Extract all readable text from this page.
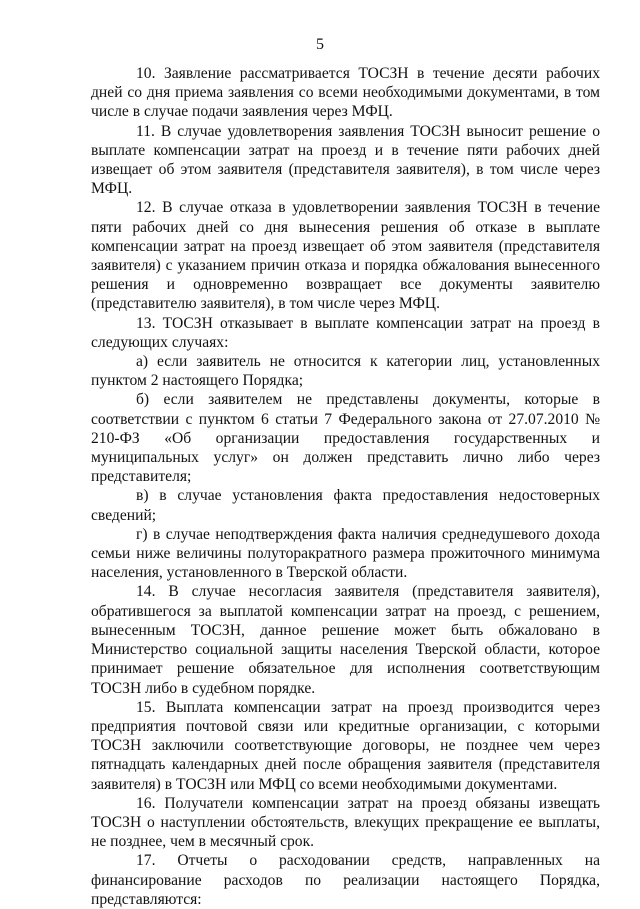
5

10. Заявление рассматривается ТОСЗН в течение десяти рабочих дней со дня приема заявления со всеми необходимыми документами, в том числе в случае подачи заявления через МФЦ.

11. В случае удовлетворения заявления ТОСЗН выносит решение о выплате компенсации затрат на проезд и в течение пяти рабочих дней извещает об этом заявителя (представителя заявителя), в том числе через МФЦ.

12. В случае отказа в удовлетворении заявления ТОСЗН в течение пяти рабочих дней со дня вынесения решения об отказе в выплате компенсации затрат на проезд извещает об этом заявителя (представителя заявителя) с указанием причин отказа и порядка обжалования вынесенного решения и одновременно возвращает все документы заявителю (представителю заявителя), в том числе через МФЦ.

13. ТОСЗН отказывает в выплате компенсации затрат на проезд в следующих случаях:

а) если заявитель не относится к категории лиц, установленных пунктом 2 настоящего Порядка;

б) если заявителем не представлены документы, которые в соответствии с пунктом 6 статьи 7 Федерального закона от 27.07.2010 № 210-ФЗ «Об организации предоставления государственных и муниципальных услуг» он должен представить лично либо через представителя;

в) в случае установления факта предоставления недостоверных сведений;

г) в случае неподтверждения факта наличия среднедушевого дохода семьи ниже величины полуторакратного размера прожиточного минимума населения, установленного в Тверской области.

14. В случае несогласия заявителя (представителя заявителя), обратившегося за выплатой компенсации затрат на проезд, с решением, вынесенным ТОСЗН, данное решение может быть обжаловано в Министерство социальной защиты населения Тверской области, которое принимает решение обязательное для исполнения соответствующим ТОСЗН либо в судебном порядке.

15. Выплата компенсации затрат на проезд производится через предприятия почтовой связи или кредитные организации, с которыми ТОСЗН заключили соответствующие договоры, не позднее чем через пятнадцать календарных дней после обращения заявителя (представителя заявителя) в ТОСЗН или МФЦ со всеми необходимыми документами.

16. Получатели компенсации затрат на проезд обязаны извещать ТОСЗН о наступлении обстоятельств, влекущих прекращение ее выплаты, не позднее, чем в месячный срок.

17. Отчеты о расходовании средств, направленных на финансирование расходов по реализации настоящего Порядка, представляются:
